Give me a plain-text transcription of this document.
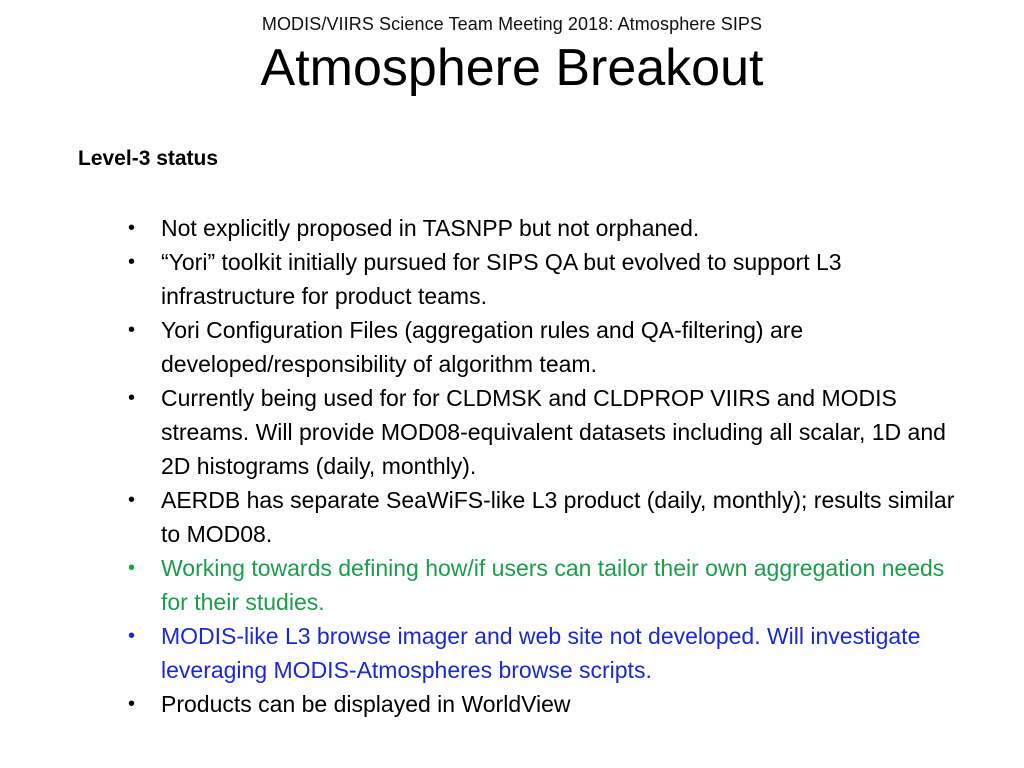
MODIS/VIIRS Science Team Meeting 2018: Atmosphere SIPS
Atmosphere Breakout
Level-3 status
• Not explicitly proposed in TASNPP but not orphaned.
• “Yori” toolkit initially pursued for SIPS QA but evolved to support L3 infrastructure for product teams.
• Yori Configuration Files (aggregation rules and QA-filtering) are developed/responsibility of algorithm team.
• Currently being used for for CLDMSK and CLDPROP VIIRS and MODIS streams. Will provide MOD08-equivalent datasets including all scalar, 1D and 2D histograms (daily, monthly).
• AERDB has separate SeaWiFS-like L3 product (daily, monthly); results similar to MOD08.
• Working towards defining how/if users can tailor their own aggregation needs for their studies.
• MODIS-like L3 browse imager and web site not developed. Will investigate leveraging MODIS-Atmospheres browse scripts.
• Products can be displayed in WorldView
